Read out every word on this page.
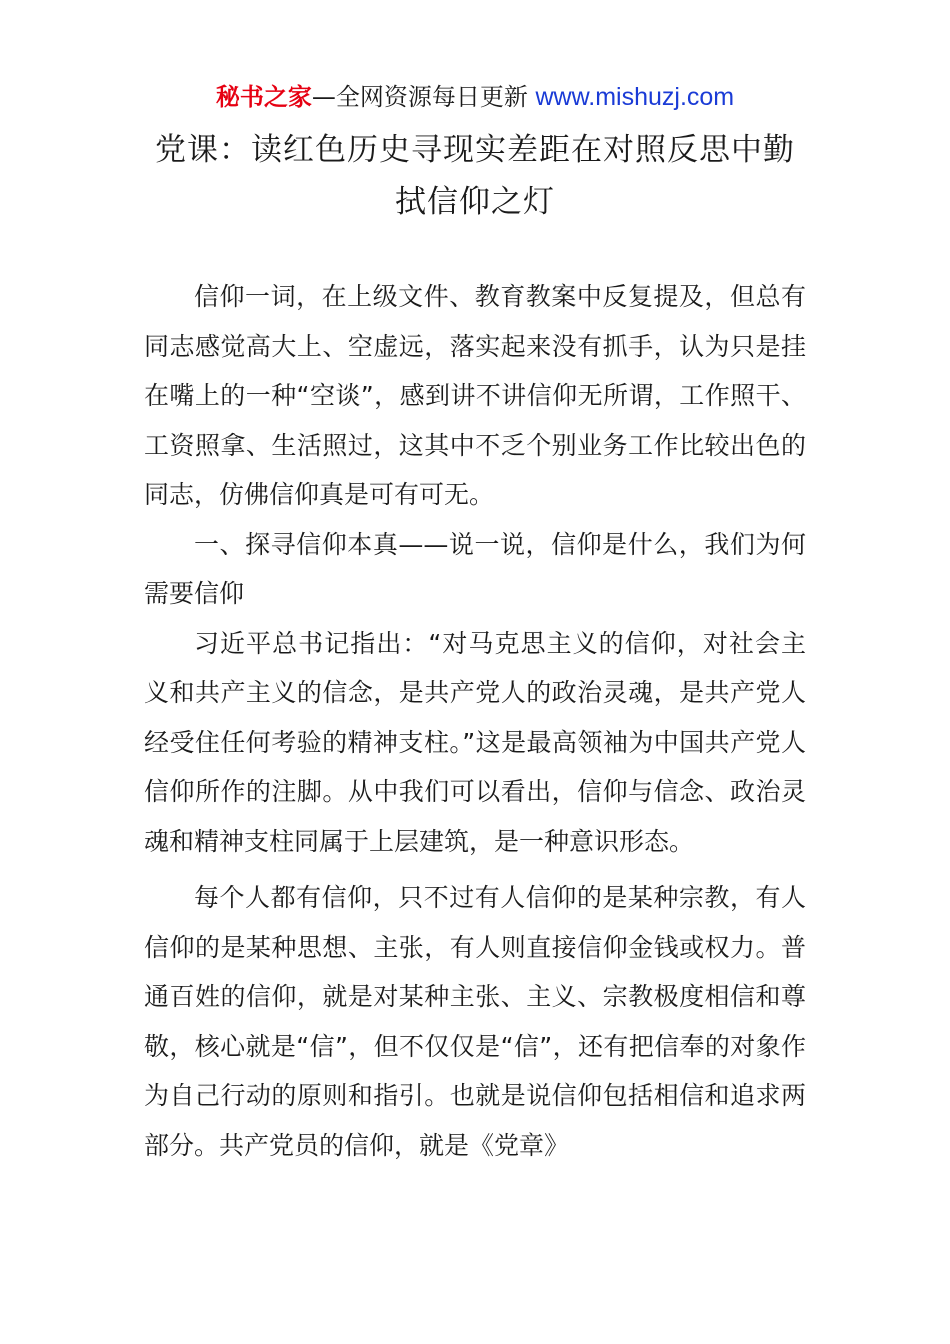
秘书之家—全网资源每日更新 www.mishuzj.com
党课：读红色历史寻现实差距在对照反思中勤拭信仰之灯

信仰一词，在上级文件、教育教案中反复提及，但总有同志感觉高大上、空虚远，落实起来没有抓手，认为只是挂在嘴上的一种“空谈”，感到讲不讲信仰无所谓，工作照干、工资照拿、生活照过，这其中不乏个别业务工作比较出色的同志，仿佛信仰真是可有可无。

一、探寻信仰本真——说一说，信仰是什么，我们为何需要信仰

习近平总书记指出：“对马克思主义的信仰，对社会主义和共产主义的信念，是共产党人的政治灵魂，是共产党人经受住任何考验的精神支柱。”这是最高领袖为中国共产党人信仰所作的注脚。从中我们可以看出，信仰与信念、政治灵魂和精神支柱同属于上层建筑，是一种意识形态。

每个人都有信仰，只不过有人信仰的是某种宗教，有人信仰的是某种思想、主张，有人则直接信仰金钱或权力。普通百姓的信仰，就是对某种主张、主义、宗教极度相信和尊敬，核心就是“信”，但不仅仅是“信”，还有把信奉的对象作为自己行动的原则和指引。也就是说信仰包括相信和追求两部分。共产党员的信仰，就是《党章》
